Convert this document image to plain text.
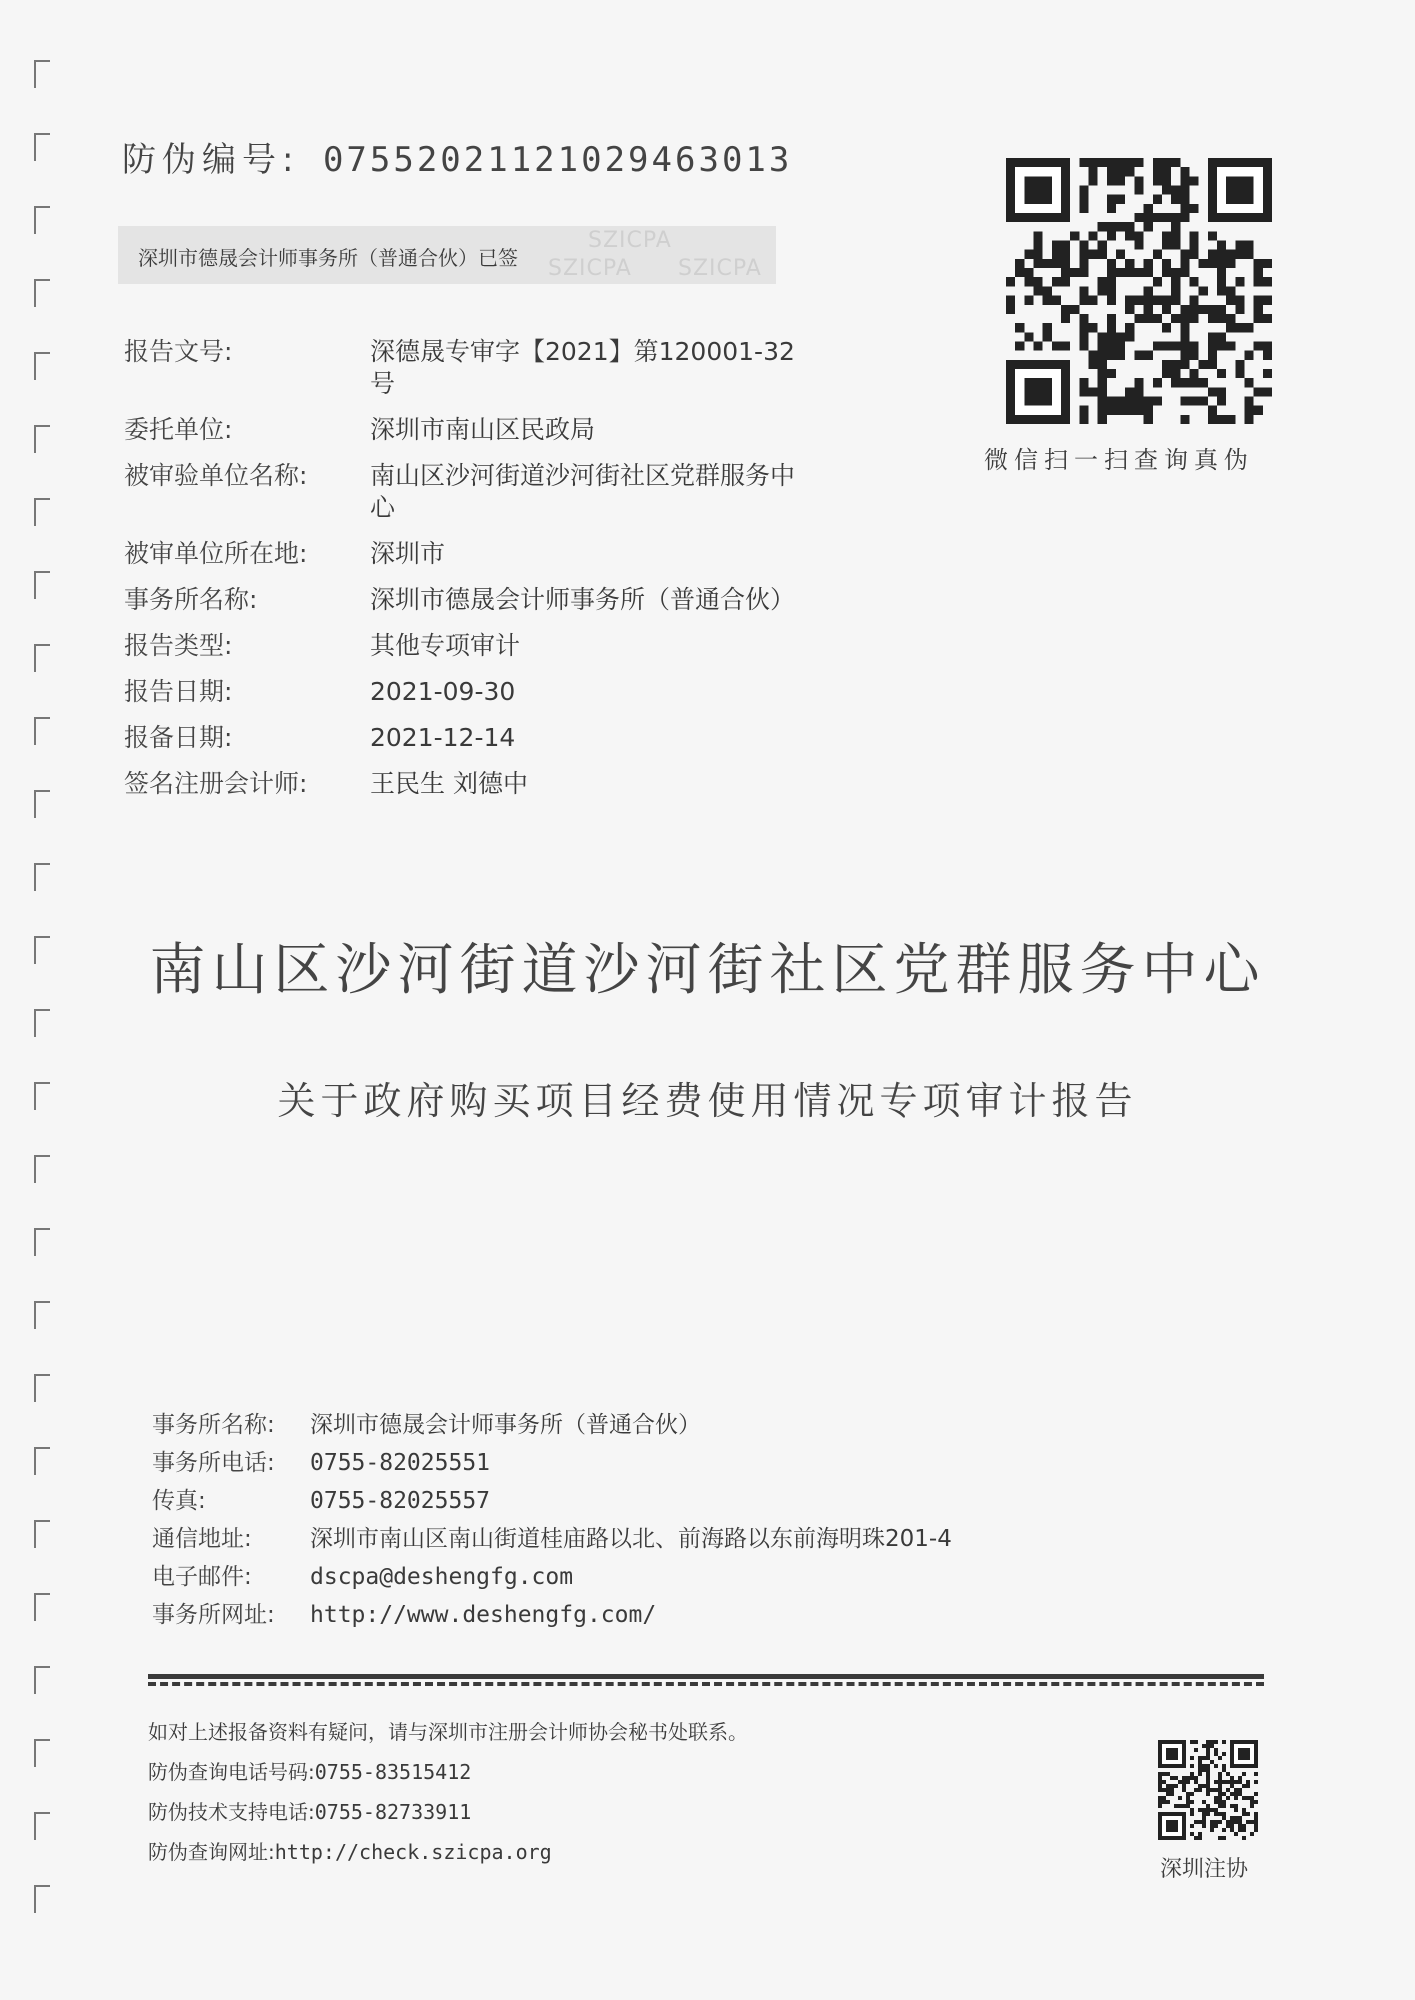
防伪编号: 07552021121029463013
SZICPA
SZICPA SZICPA
深圳市德晟会计师事务所（普通合伙）已签
报告文号:	深德晟专审字【2021】第120001-32号
委托单位:	深圳市南山区民政局
被审验单位名称:	南山区沙河街道沙河街社区党群服务中心
被审单位所在地:	深圳市
事务所名称:	深圳市德晟会计师事务所（普通合伙）
报告类型:	其他专项审计
报告日期:	2021-09-30
报备日期:	2021-12-14
签名注册会计师:	王民生 刘德中
微信扫一扫查询真伪
南山区沙河街道沙河街社区党群服务中心
关于政府购买项目经费使用情况专项审计报告
事务所名称:	深圳市德晟会计师事务所（普通合伙）
事务所电话:	0755-82025551
传真:	0755-82025557
通信地址:	深圳市南山区南山街道桂庙路以北、前海路以东前海明珠201-4
电子邮件:	dscpa@deshengfg.com
事务所网址:	http://www.deshengfg.com/
如对上述报备资料有疑问，请与深圳市注册会计师协会秘书处联系。
防伪查询电话号码:0755-83515412
防伪技术支持电话:0755-82733911
防伪查询网址:http://check.szicpa.org
深圳注协
